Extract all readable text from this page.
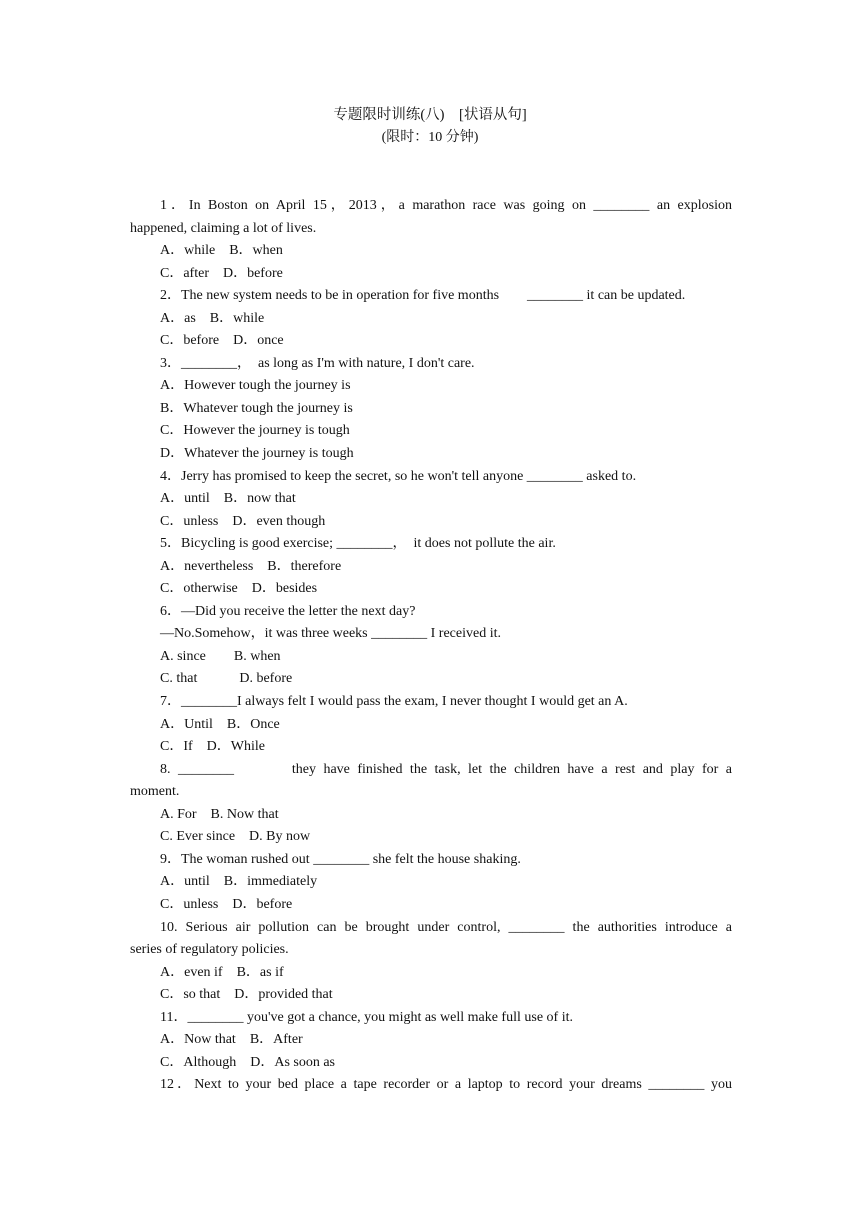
专题限时训练(八)　[状语从句]
(限时：10 分钟)
1．In Boston on April 15，2013，a marathon race was going on ________ an explosion
happened, claiming a lot of lives.
A．while　B．when
C．after　D．before
2．The new system needs to be in operation for five months　　________ it can be updated.
A．as　B．while
C．before　D．once
3．________，　as long as I'm with nature, I don't care.
A．However tough the journey is
B．Whatever tough the journey is
C．However the journey is tough
D．Whatever the journey is tough
4．Jerry has promised to keep the secret, so he won't tell anyone ________ asked to.
A．until　B．now that
C．unless　D．even though
5．Bicycling is good exercise; ________，　it does not pollute the air.
A．nevertheless　B．therefore
C．otherwise　D．besides
6．—Did you receive the letter the next day?
—No.Somehow，it was three weeks ________ I received it.
A. since　　B. when
C. that　　　D. before
7．________I always felt I would pass the exam, I never thought I would get an A.
A．Until　B．Once
C．If　D．While
8. ________　　　they have finished the task, let the children have a rest and play for a
moment.
A. For　B. Now that
C. Ever since　D. By now
9．The woman rushed out ________ she felt the house shaking.
A．until　B．immediately
C．unless　D．before
10. Serious air pollution can be brought under control, ________ the authorities introduce a
series of regulatory policies.
A．even if　B．as if
C．so that　D．provided that
11．________ you've got a chance, you might as well make full use of it.
A．Now that　B．After
C．Although　D．As soon as
12．Next to your bed place a tape recorder or a laptop to record your dreams ________ you
